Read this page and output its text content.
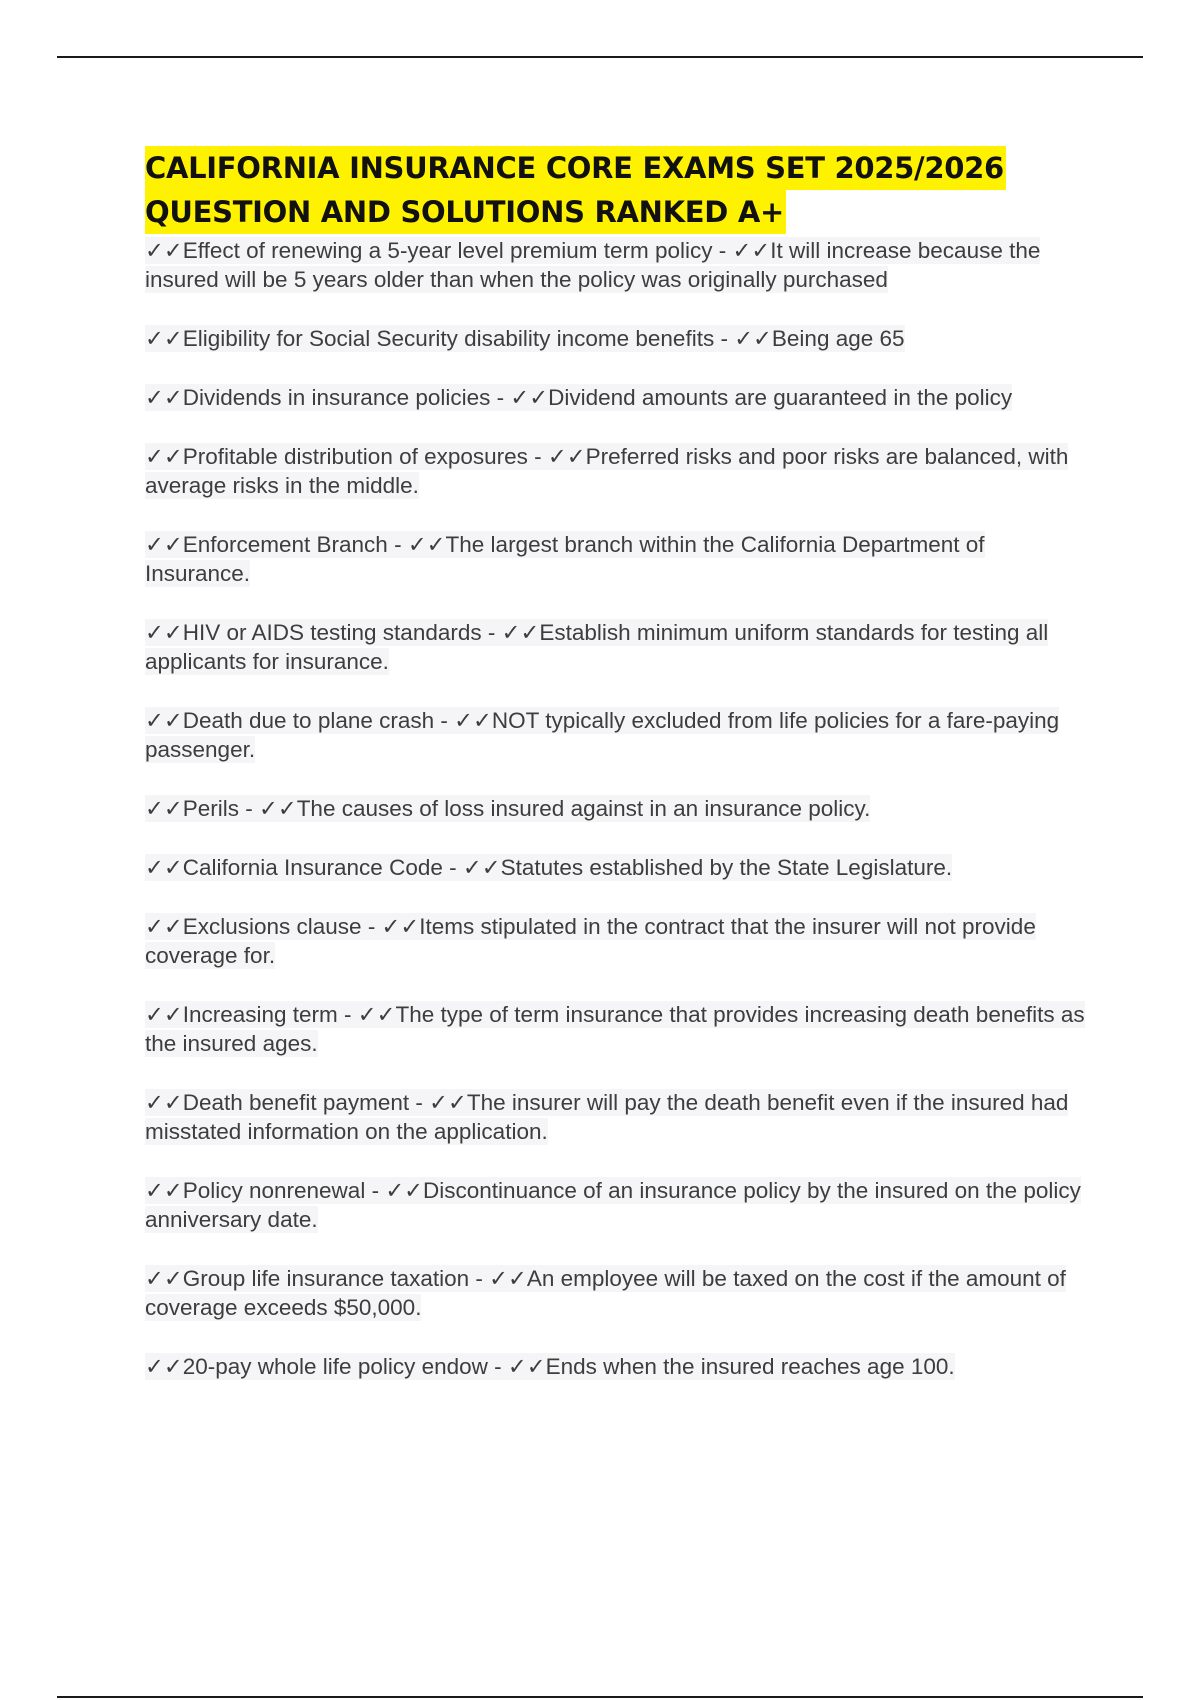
CALIFORNIA INSURANCE CORE EXAMS SET 2025/2026
QUESTION AND SOLUTIONS RANKED A+
✓✓Effect of renewing a 5-year level premium term policy - ✓✓It will increase because the insured will be 5 years older than when the policy was originally purchased
✓✓Eligibility for Social Security disability income benefits - ✓✓Being age 65
✓✓Dividends in insurance policies - ✓✓Dividend amounts are guaranteed in the policy
✓✓Profitable distribution of exposures - ✓✓Preferred risks and poor risks are balanced, with average risks in the middle.
✓✓Enforcement Branch - ✓✓The largest branch within the California Department of Insurance.
✓✓HIV or AIDS testing standards - ✓✓Establish minimum uniform standards for testing all applicants for insurance.
✓✓Death due to plane crash - ✓✓NOT typically excluded from life policies for a fare-paying passenger.
✓✓Perils - ✓✓The causes of loss insured against in an insurance policy.
✓✓California Insurance Code - ✓✓Statutes established by the State Legislature.
✓✓Exclusions clause - ✓✓Items stipulated in the contract that the insurer will not provide coverage for.
✓✓Increasing term - ✓✓The type of term insurance that provides increasing death benefits as the insured ages.
✓✓Death benefit payment - ✓✓The insurer will pay the death benefit even if the insured had misstated information on the application.
✓✓Policy nonrenewal - ✓✓Discontinuance of an insurance policy by the insured on the policy anniversary date.
✓✓Group life insurance taxation - ✓✓An employee will be taxed on the cost if the amount of coverage exceeds $50,000.
✓✓20-pay whole life policy endow - ✓✓Ends when the insured reaches age 100.
